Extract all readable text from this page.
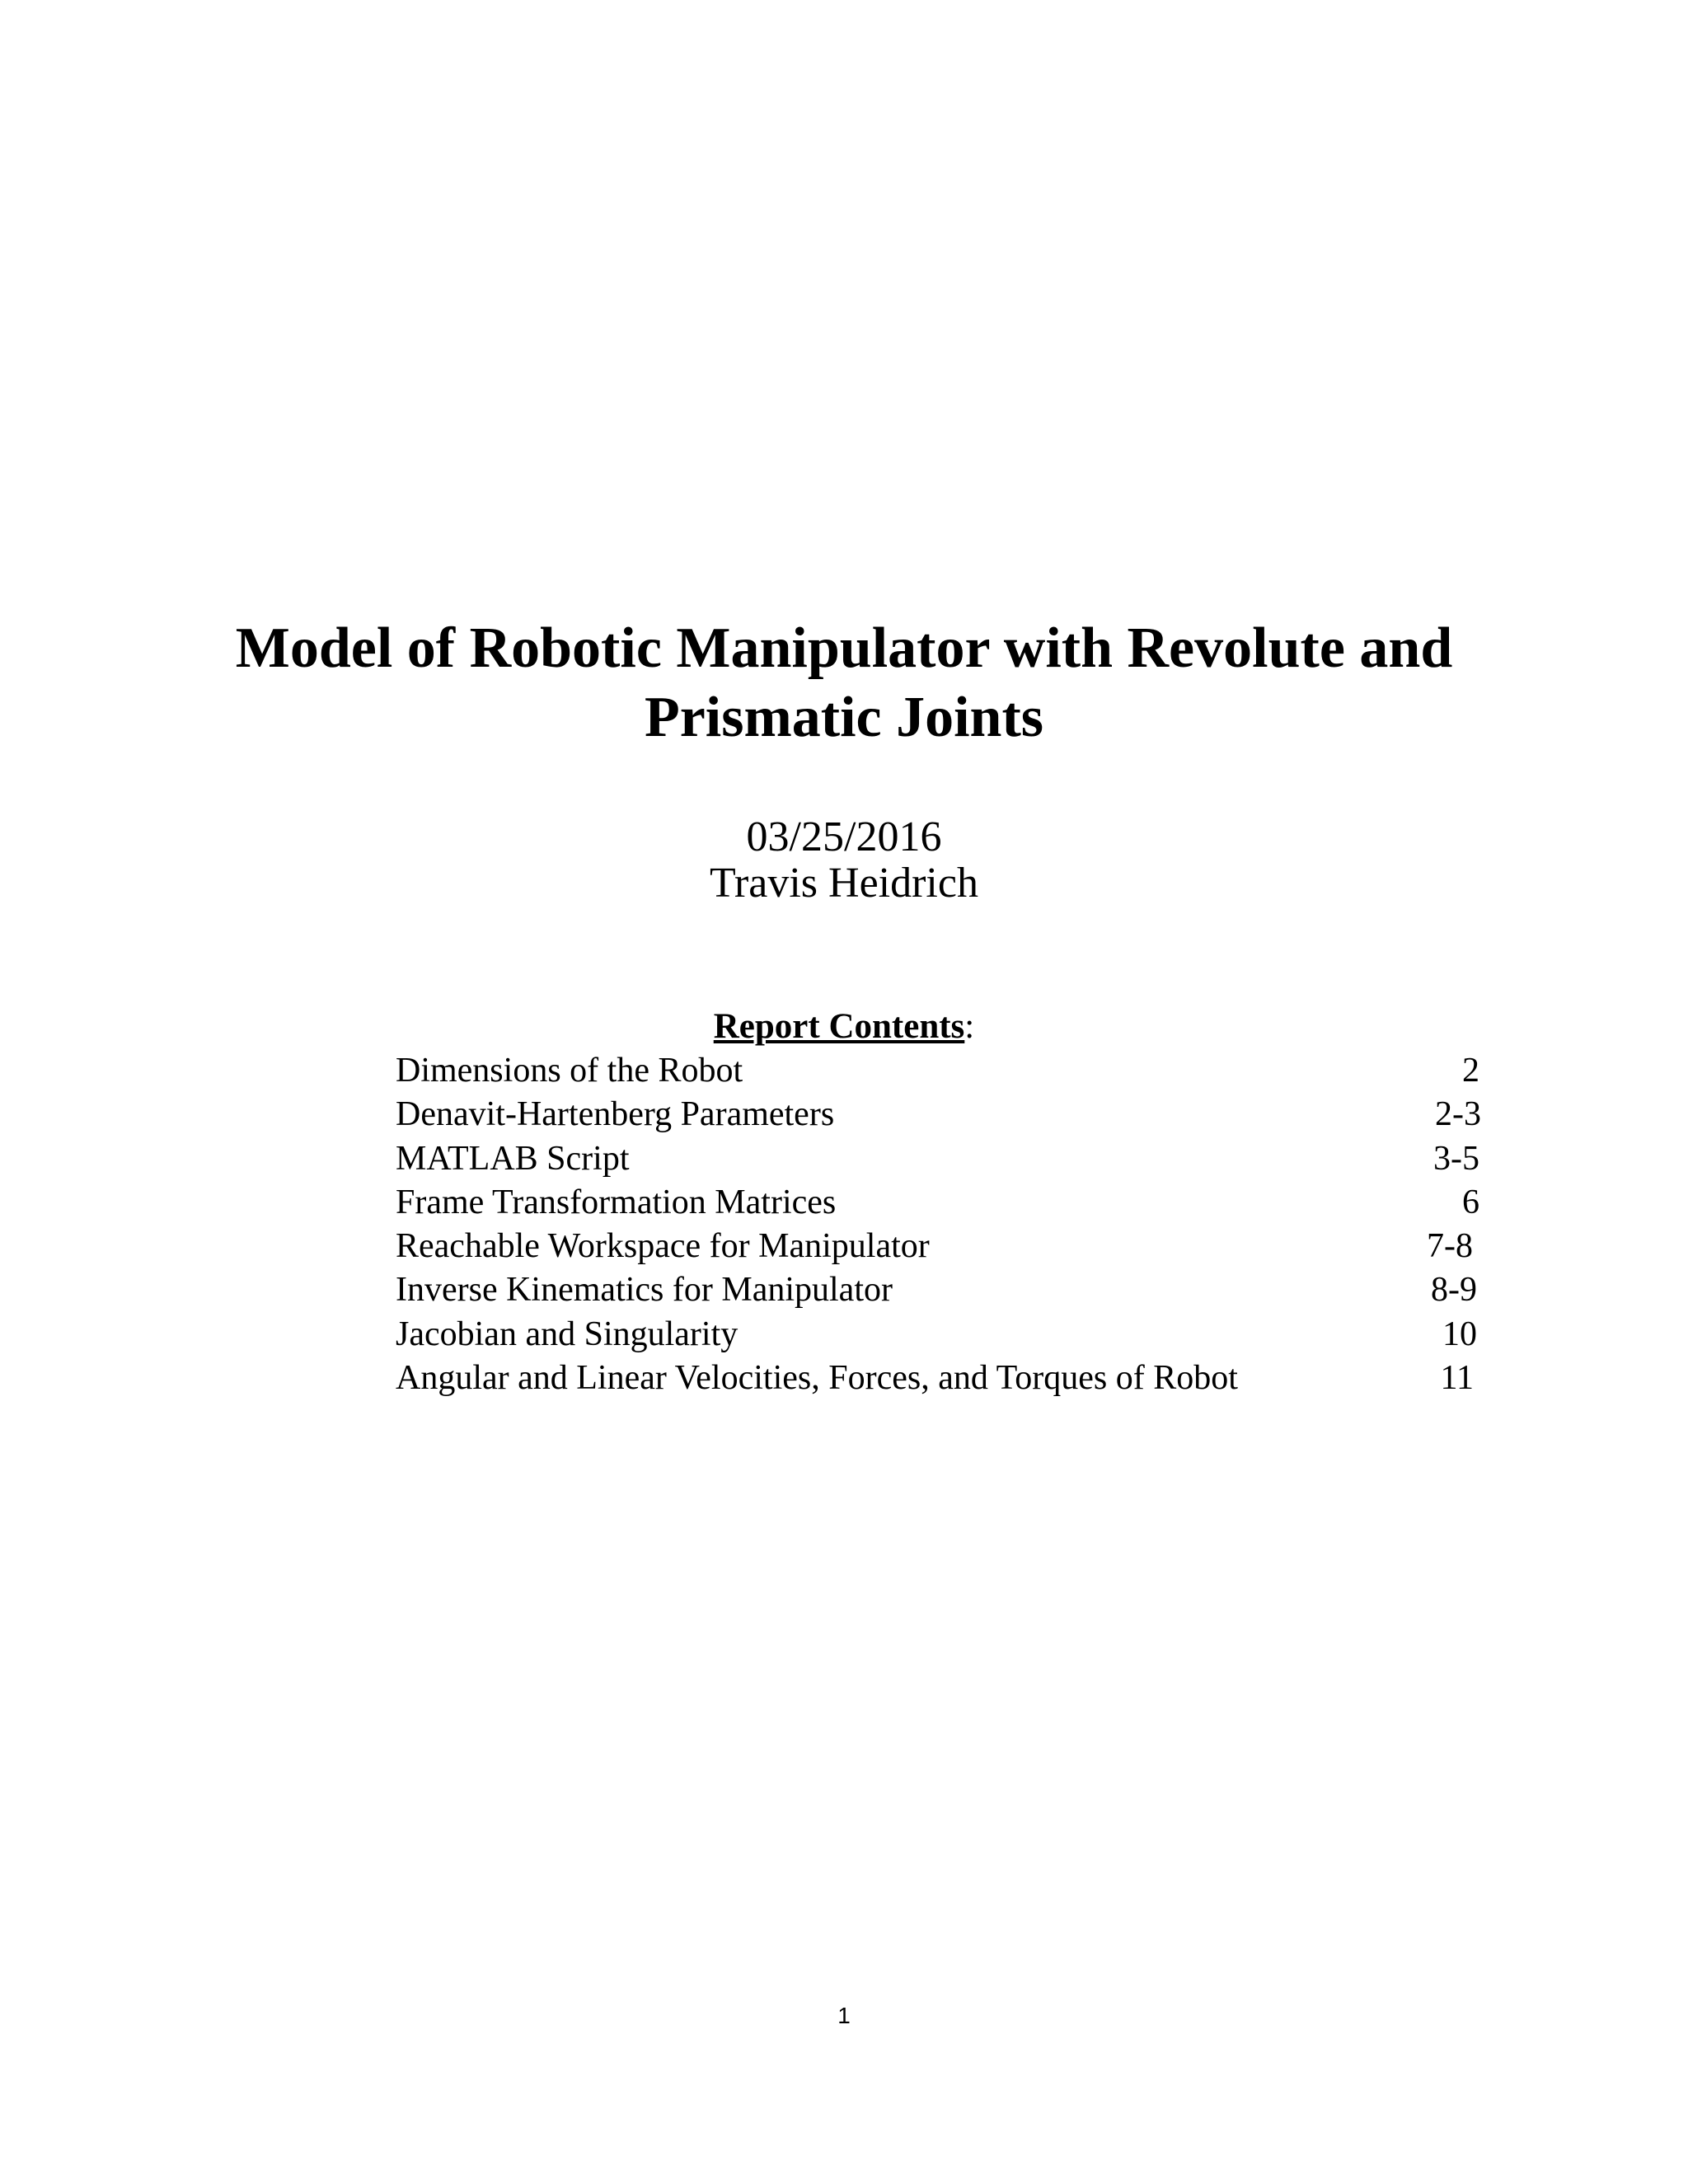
Model of Robotic Manipulator with Revolute and
Prismatic Joints
03/25/2016
Travis Heidrich
Report Contents:
Dimensions of the Robot	2
Denavit-Hartenberg Parameters	2-3
MATLAB Script	3-5
Frame Transformation Matrices	6
Reachable Workspace for Manipulator	7-8
Inverse Kinematics for Manipulator	8-9
Jacobian and Singularity	10
Angular and Linear Velocities, Forces, and Torques of Robot	11
1
